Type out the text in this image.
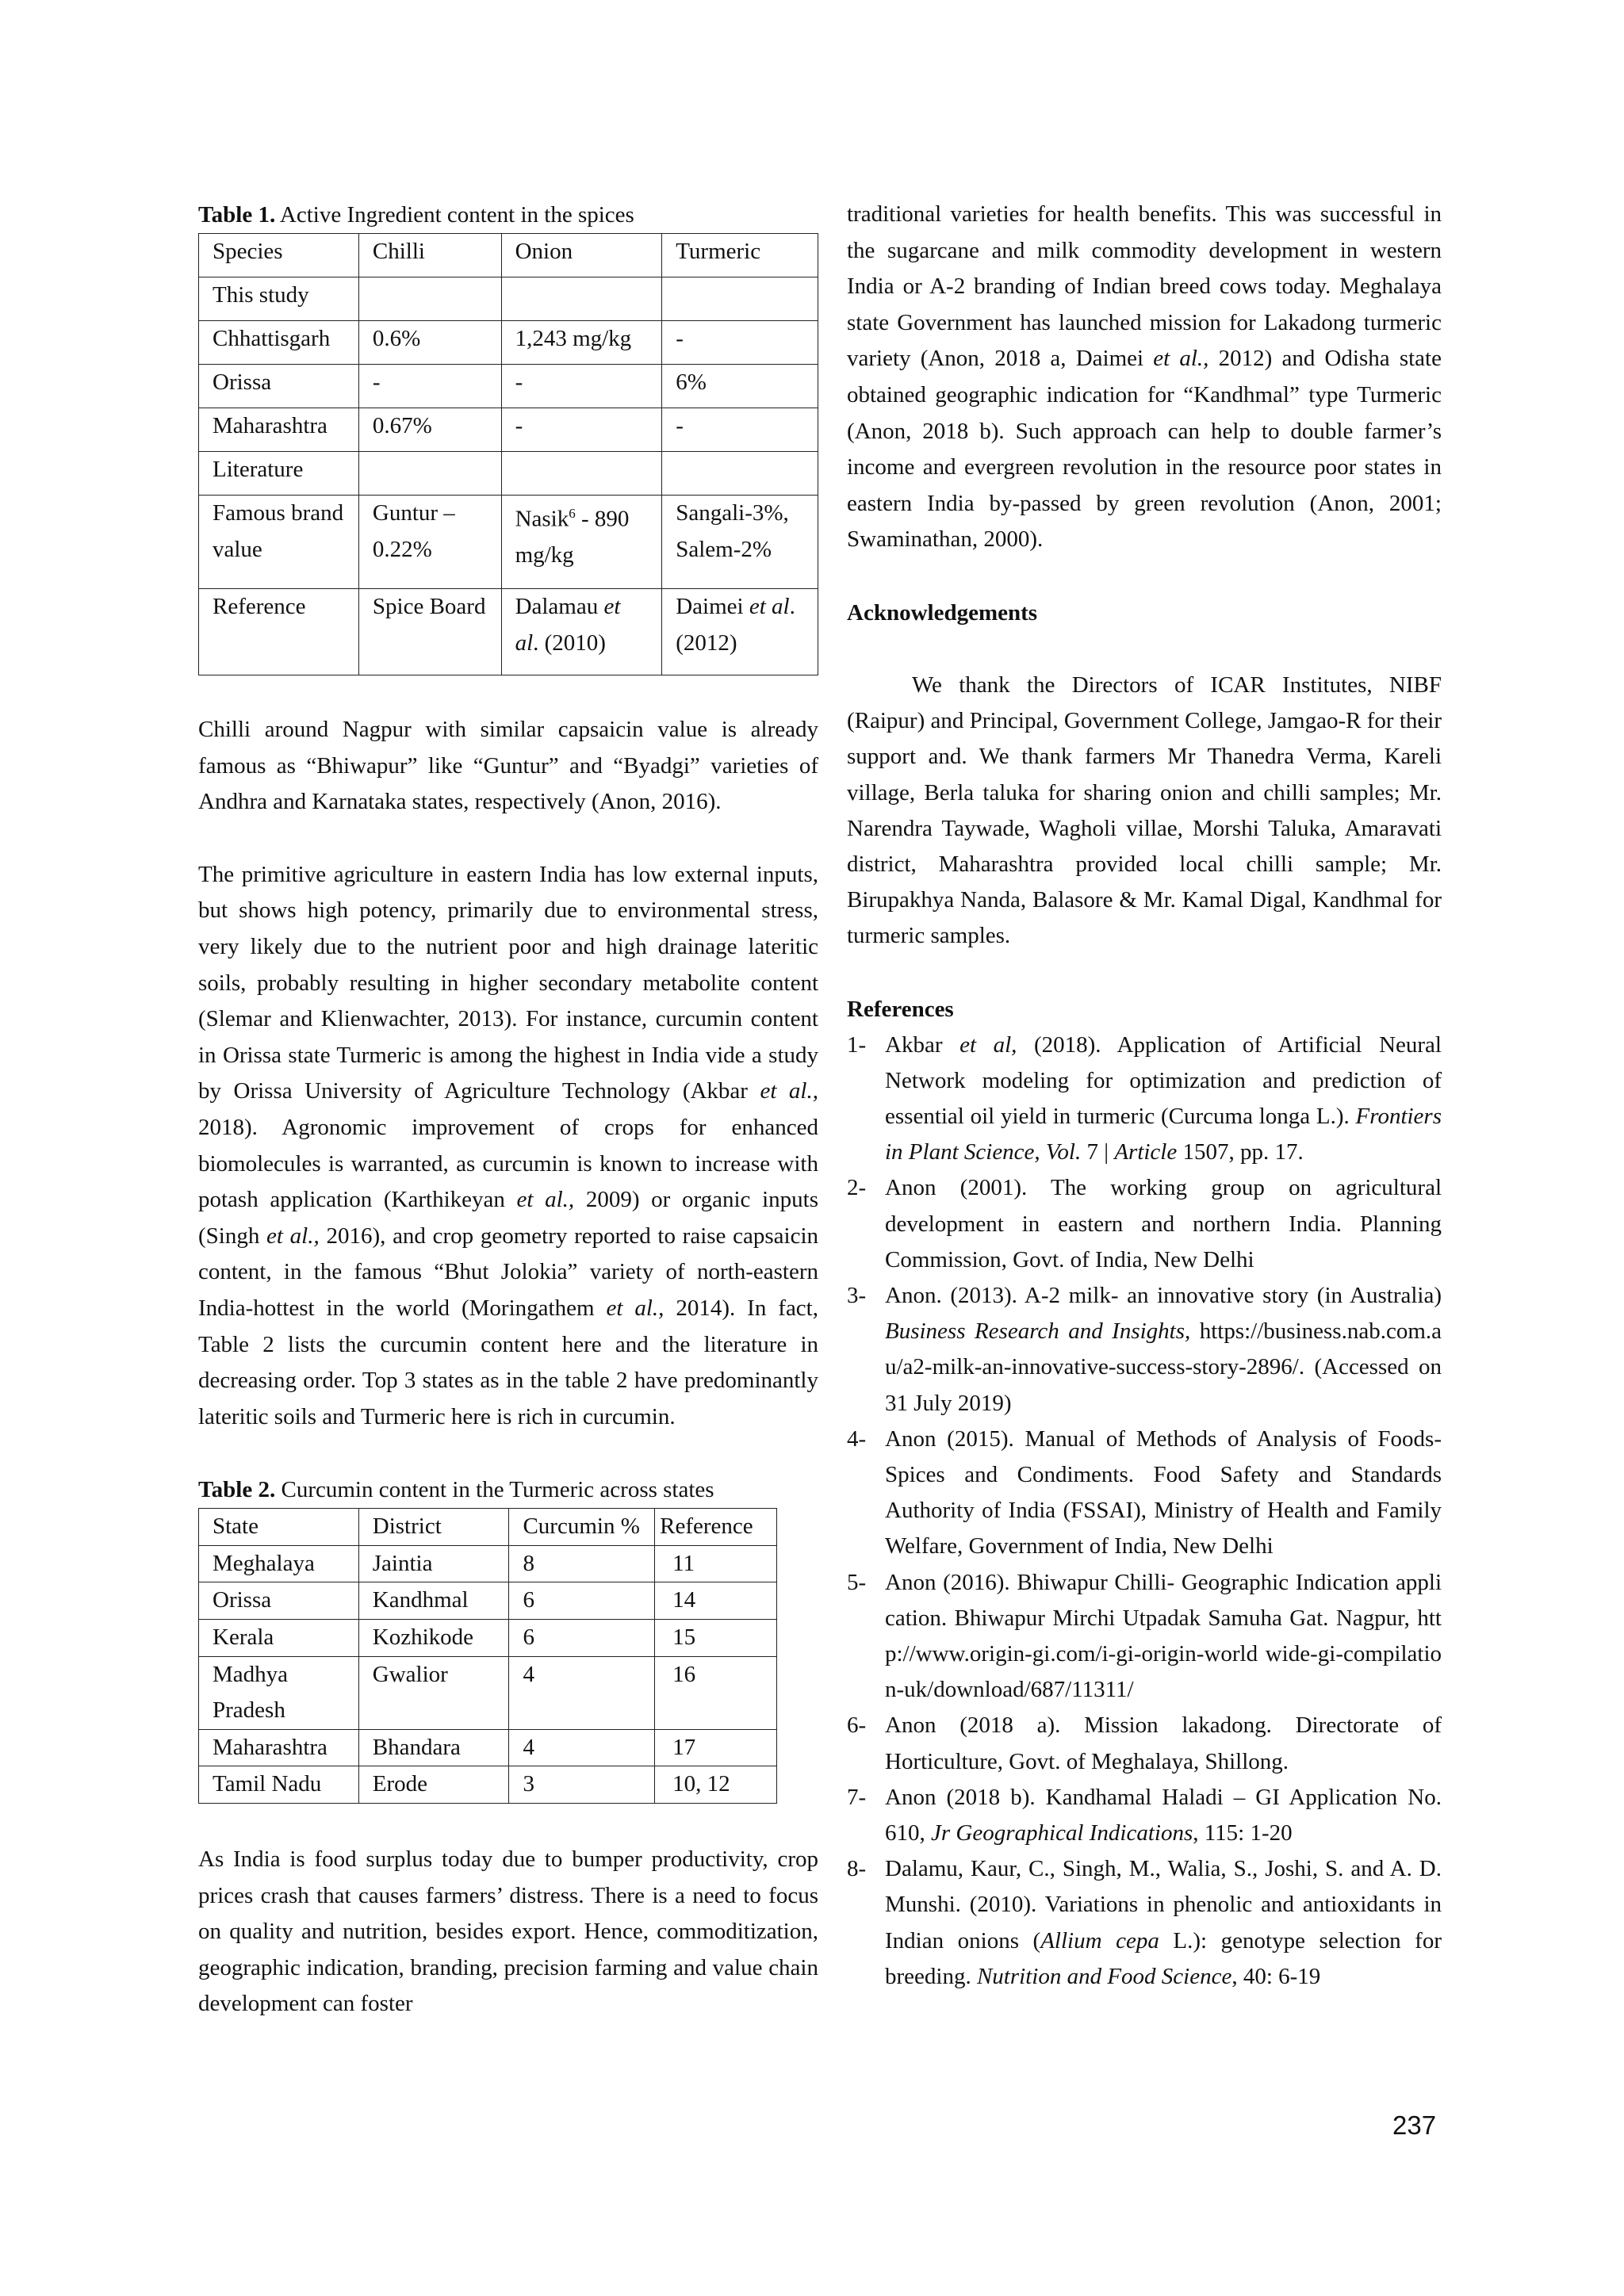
Table 1. Active Ingredient content in the spices

Species	Chilli	Onion	Turmeric
This study			
Chhattisgarh	0.6%	1,243 mg/kg	-
Orissa	-	-	6%
Maharashtra	0.67%	-	-
Literature			
Famous brand value	Guntur – 0.22%	Nasik$^6$ - 890 mg/kg	Sangali-3%, Salem-2%
Reference	Spice Board	Dalamau et al. (2010)	Daimei et al. (2012)

Chilli around Nagpur with similar capsaicin value is already famous as “Bhiwapur” like “Guntur” and “Byadgi” varieties of Andhra and Karnataka states, respectively (Anon, 2016).

The primitive agriculture in eastern India has low external inputs, but shows high potency, primarily due to environmental stress, very likely due to the nutrient poor and high drainage lateritic soils, probably resulting in higher secondary metabolite content (Slemar and Klienwachter, 2013). For instance, curcumin content in Orissa state Turmeric is among the highest in India vide a study by Orissa University of Agriculture Technology (Akbar et al., 2018). Agronomic improvement of crops for enhanced biomolecules is warranted, as curcumin is known to increase with potash application (Karthikeyan et al., 2009) or organic inputs (Singh et al., 2016), and crop geometry reported to raise capsaicin content, in the famous “Bhut Jolokia” variety of north-eastern India-hottest in the world (Moringathem et al., 2014). In fact, Table 2 lists the curcumin content here and the literature in decreasing order. Top 3 states as in the table 2 have predominantly lateritic soils and Turmeric here is rich in curcumin.

Table 2. Curcumin content in the Turmeric across states

State	District	Curcumin %	Reference
Meghalaya	Jaintia	8	11
Orissa	Kandhmal	6	14
Kerala	Kozhikode	6	15
Madhya Pradesh	Gwalior	4	16
Maharashtra	Bhandara	4	17
Tamil Nadu	Erode	3	10, 12

As India is food surplus today due to bumper productivity, crop prices crash that causes farmers’ distress. There is a need to focus on quality and nutrition, besides export. Hence, commoditization, geographic indication, branding, precision farming and value chain development can foster

traditional varieties for health benefits. This was successful in the sugarcane and milk commodity development in western India or A-2 branding of Indian breed cows today. Meghalaya state Government has launched mission for Lakadong turmeric variety (Anon, 2018 a, Daimei et al., 2012) and Odisha state obtained geographic indication for “Kandhmal” type Turmeric (Anon, 2018 b). Such approach can help to double farmer’s income and evergreen revolution in the resource poor states in eastern India by-passed by green revolution (Anon, 2001; Swaminathan, 2000).

Acknowledgements

We thank the Directors of ICAR Institutes, NIBF (Raipur) and Principal, Government College, Jamgao-R for their support and. We thank farmers Mr Thanedra Verma, Kareli village, Berla taluka for sharing onion and chilli samples; Mr. Narendra Taywade, Wagholi villae, Morshi Taluka, Amaravati district, Maharashtra provided local chilli sample; Mr. Birupakhya Nanda, Balasore & Mr. Kamal Digal, Kandhmal for turmeric samples.

References
1- Akbar et al, (2018). Application of Artificial Neural Network modeling for optimization and prediction of essential oil yield in turmeric (Curcuma longa L.). Frontiers in Plant Science, Vol. 7 | Article 1507, pp. 17.
2- Anon (2001). The working group on agricultural development in eastern and northern India. Planning Commission, Govt. of India, New Delhi
3- Anon. (2013). A-2 milk- an innovative story (in Australia) Business Research and Insights, https://business.nab.com.au/a2-milk-an-innovative-success-story-2896/. (Accessed on 31 July 2019)
4- Anon (2015). Manual of Methods of Analysis of Foods-Spices and Condiments. Food Safety and Standards Authority of India (FSSAI), Ministry of Health and Family Welfare, Government of India, New Delhi
5- Anon (2016). Bhiwapur Chilli- Geographic Indication application. Bhiwapur Mirchi Utpadak Samuha Gat. Nagpur, http://www.origin-gi.com/i-gi-origin-world wide-gi-compilation-uk/download/687/11311/
6- Anon (2018 a). Mission lakadong. Directorate of Horticulture, Govt. of Meghalaya, Shillong.
7- Anon (2018 b). Kandhamal Haladi – GI Application No. 610, Jr Geographical Indications, 115: 1-20
8- Dalamu, Kaur, C., Singh, M., Walia, S., Joshi, S. and A. D. Munshi. (2010). Variations in phenolic and antioxidants in Indian onions (Allium cepa L.): genotype selection for breeding. Nutrition and Food Science, 40: 6-19
237
